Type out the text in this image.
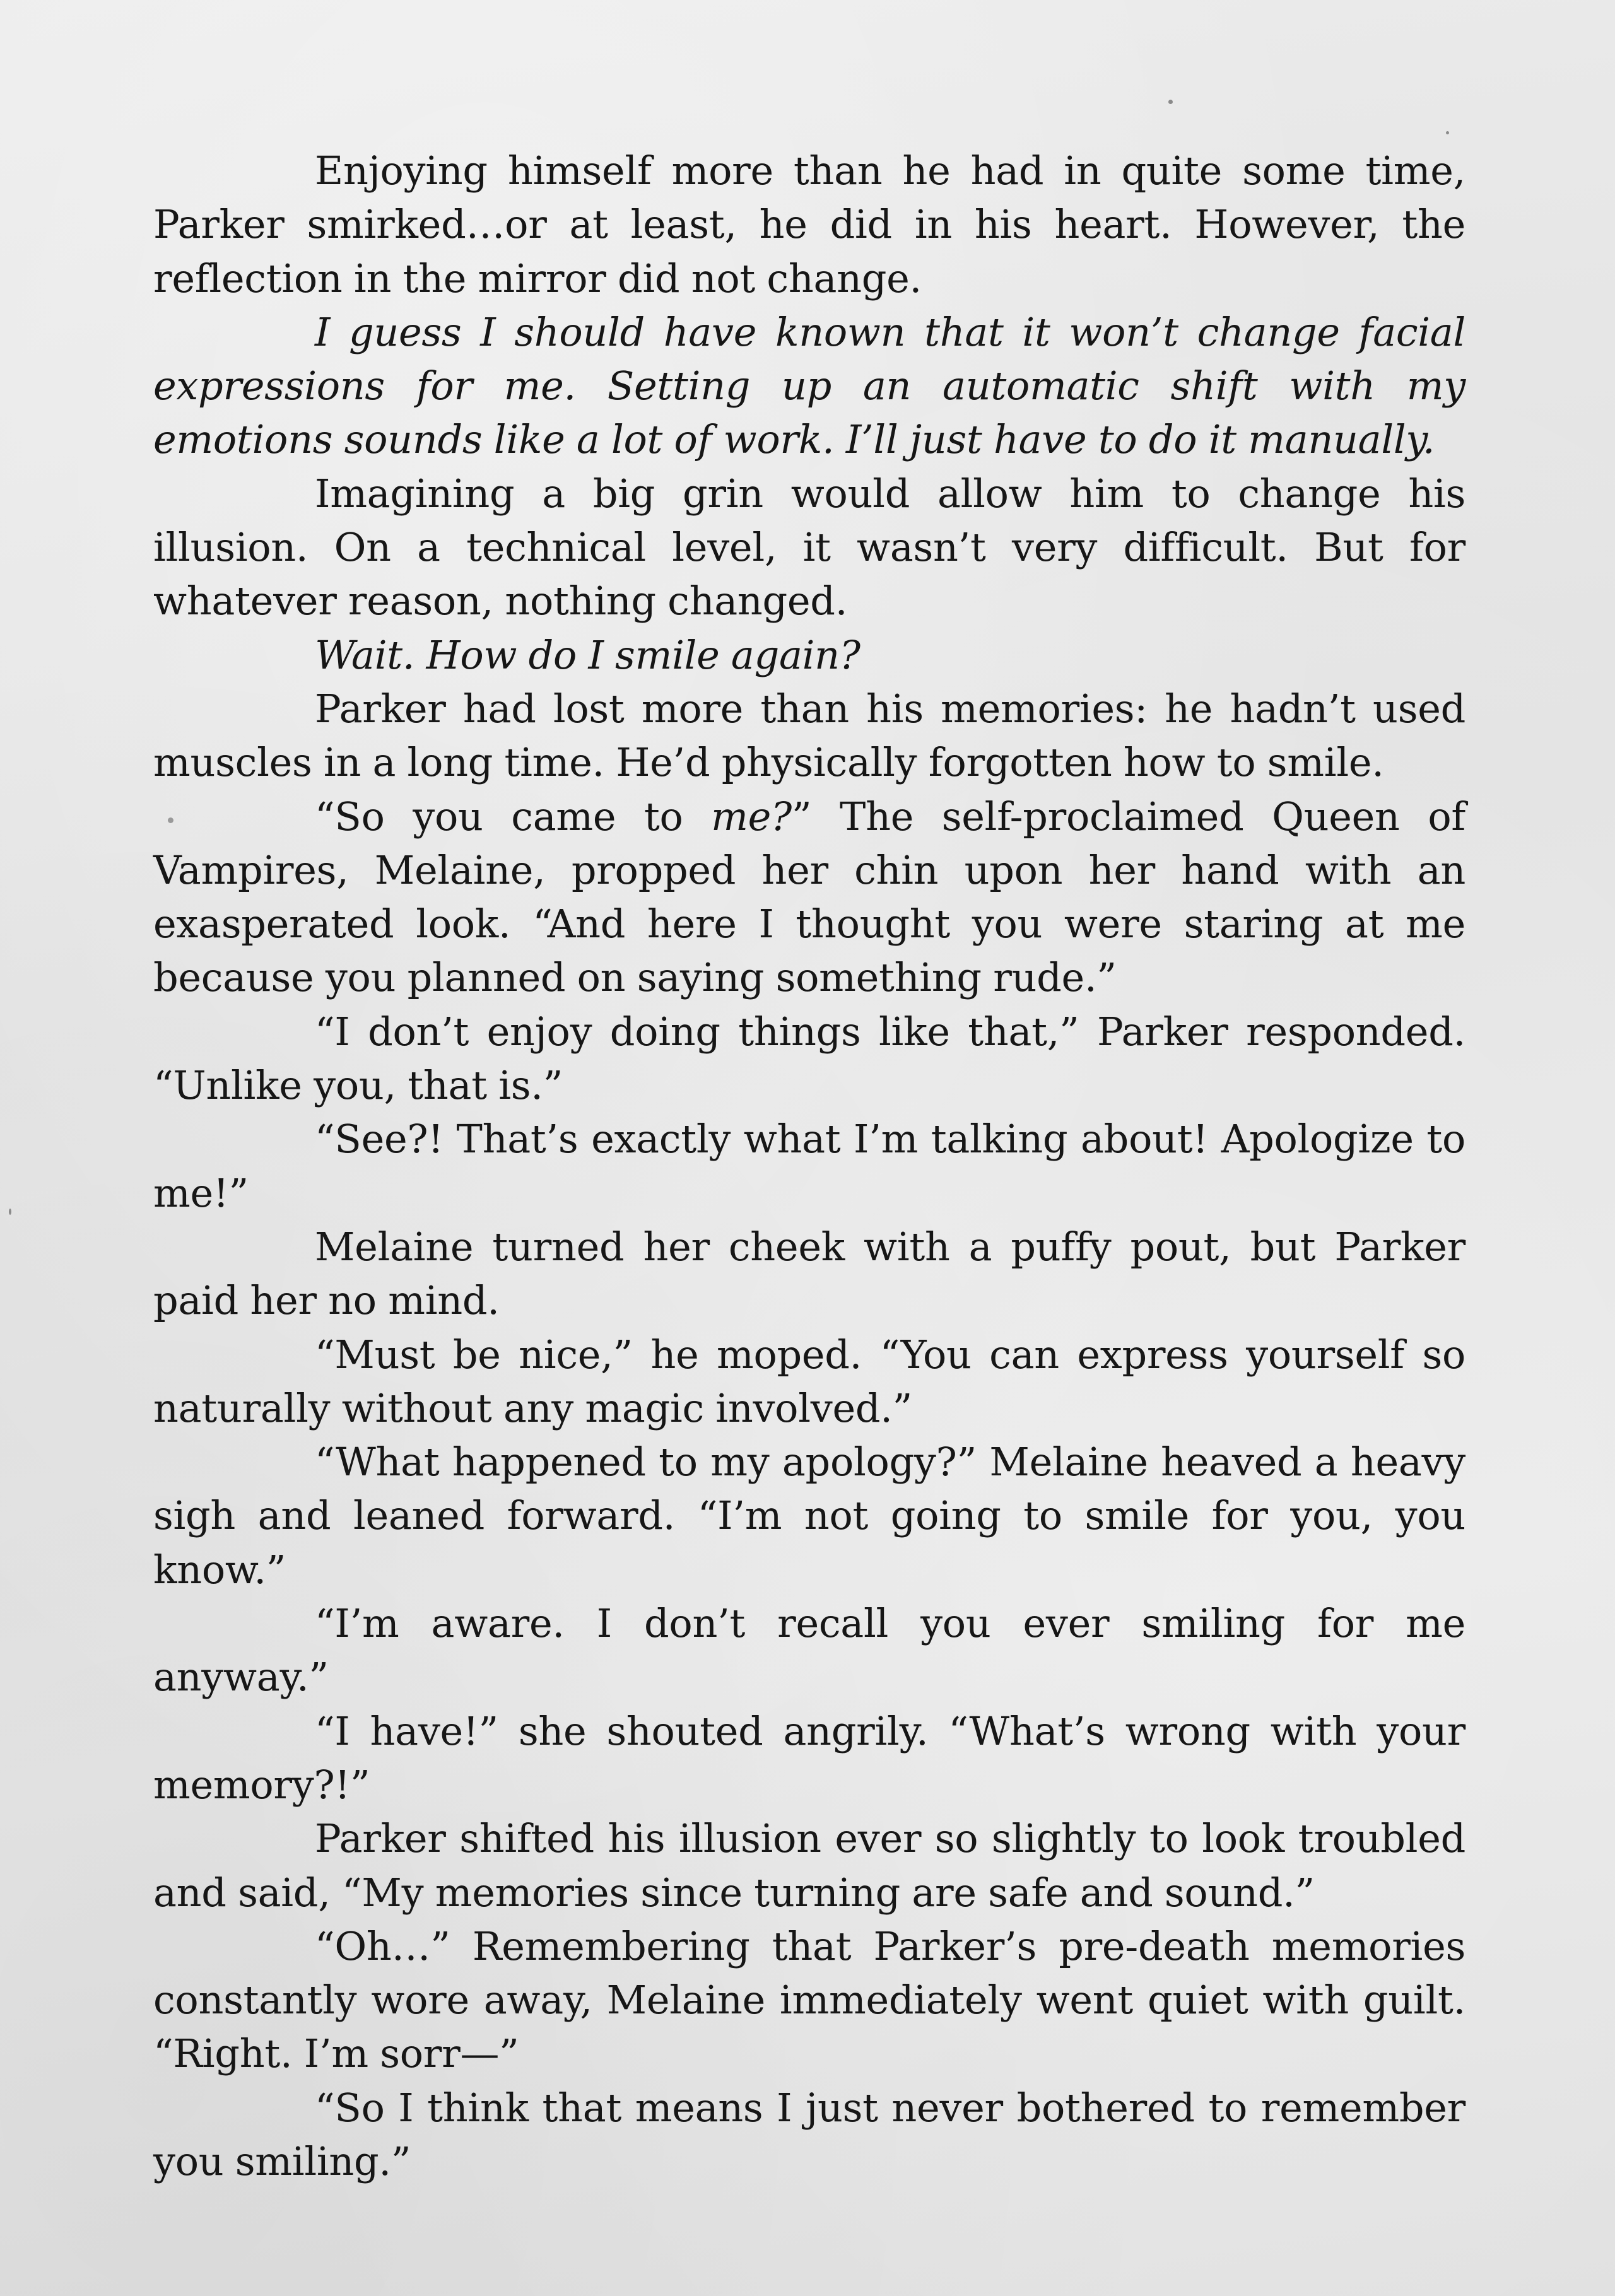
Enjoying himself more than he had in quite some time, Parker smirked…or at least, he did in his heart. However, the reflection in the mirror did not change.

I guess I should have known that it won’t change facial expressions for me. Setting up an automatic shift with my emotions sounds like a lot of work. I’ll just have to do it manually.

Imagining a big grin would allow him to change his illusion. On a technical level, it wasn’t very difficult. But for whatever reason, nothing changed.

Wait. How do I smile again?

Parker had lost more than his memories: he hadn’t used muscles in a long time. He’d physically forgotten how to smile.

“So you came to me?” The self-proclaimed Queen of Vampires, Melaine, propped her chin upon her hand with an exasperated look. “And here I thought you were staring at me because you planned on saying something rude.”

“I don’t enjoy doing things like that,” Parker responded. “Unlike you, that is.”

“See?! That’s exactly what I’m talking about! Apologize to me!”

Melaine turned her cheek with a puffy pout, but Parker paid her no mind.

“Must be nice,” he moped. “You can express yourself so naturally without any magic involved.”

“What happened to my apology?” Melaine heaved a heavy sigh and leaned forward. “I’m not going to smile for you, you know.”

“I’m aware. I don’t recall you ever smiling for me anyway.”

“I have!” she shouted angrily. “What’s wrong with your memory?!”

Parker shifted his illusion ever so slightly to look troubled and said, “My memories since turning are safe and sound.”

“Oh…” Remembering that Parker’s pre-death memories constantly wore away, Melaine immediately went quiet with guilt. “Right. I’m sorr—”

“So I think that means I just never bothered to remember you smiling.”
